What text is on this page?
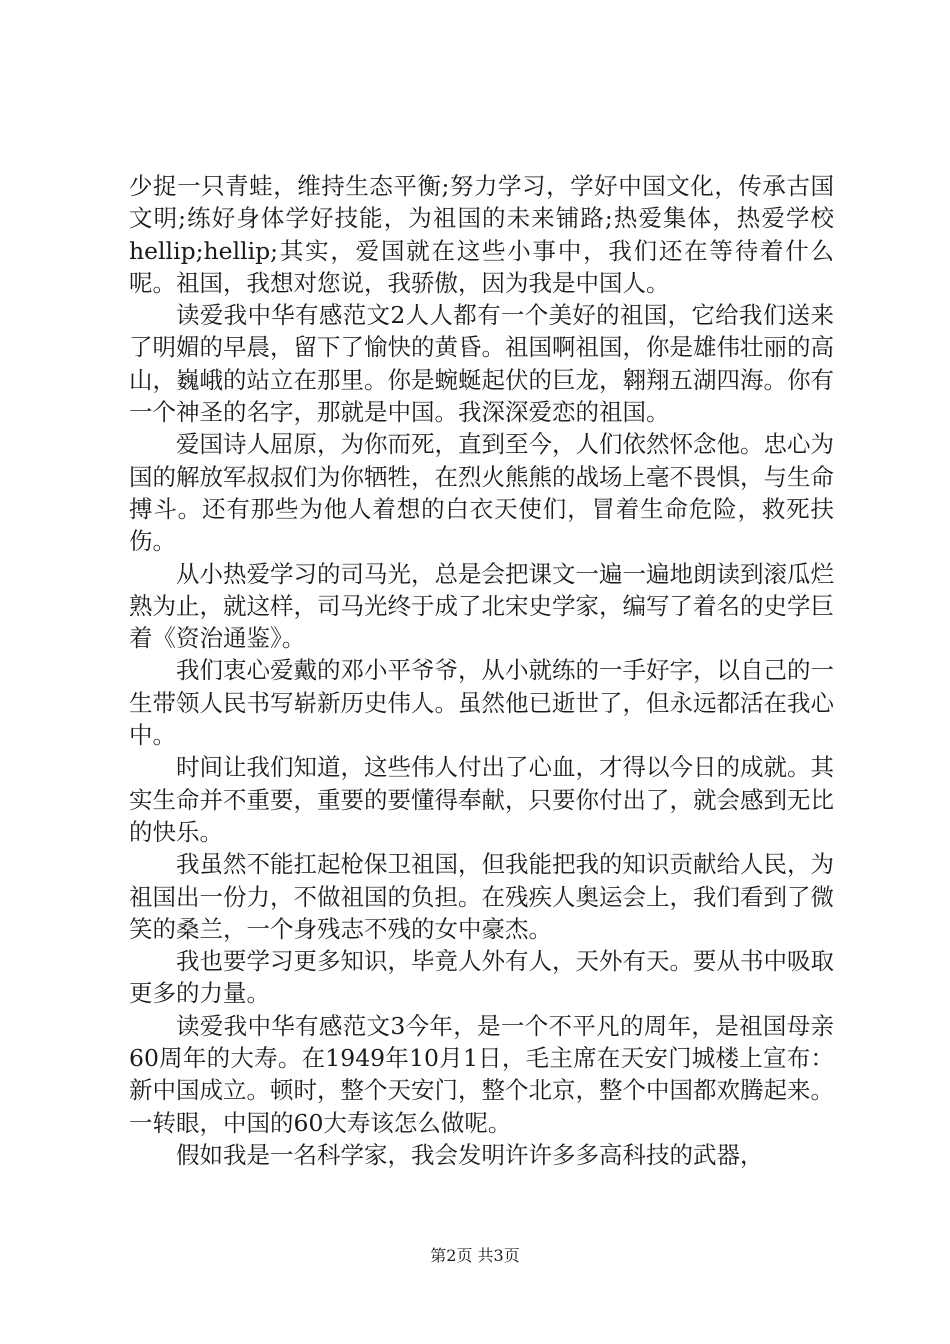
少捉一只青蛙，维持生态平衡;努力学习，学好中国文化，传承古国文明;练好身体学好技能，为祖国的未来铺路;热爱集体，热爱学校hellip;hellip;其实，爱国就在这些小事中，我们还在等待着什么呢。祖国，我想对您说，我骄傲，因为我是中国人。

读爱我中华有感范文2人人都有一个美好的祖国，它给我们送来了明媚的早晨，留下了愉快的黄昏。祖国啊祖国，你是雄伟壮丽的高山，巍峨的站立在那里。你是蜿蜒起伏的巨龙，翱翔五湖四海。你有一个神圣的名字，那就是中国。我深深爱恋的祖国。

爱国诗人屈原，为你而死，直到至今，人们依然怀念他。忠心为国的解放军叔叔们为你牺牲，在烈火熊熊的战场上毫不畏惧，与生命搏斗。还有那些为他人着想的白衣天使们，冒着生命危险，救死扶伤。

从小热爱学习的司马光，总是会把课文一遍一遍地朗读到滚瓜烂熟为止，就这样，司马光终于成了北宋史学家，编写了着名的史学巨着《资治通鉴》。

我们衷心爱戴的邓小平爷爷，从小就练的一手好字，以自己的一生带领人民书写崭新历史伟人。虽然他已逝世了，但永远都活在我心中。

时间让我们知道，这些伟人付出了心血，才得以今日的成就。其实生命并不重要，重要的要懂得奉献，只要你付出了，就会感到无比的快乐。

我虽然不能扛起枪保卫祖国，但我能把我的知识贡献给人民，为祖国出一份力，不做祖国的负担。在残疾人奥运会上，我们看到了微笑的桑兰，一个身残志不残的女中豪杰。

我也要学习更多知识，毕竟人外有人，天外有天。要从书中吸取更多的力量。

读爱我中华有感范文3今年，是一个不平凡的周年，是祖国母亲60周年的大寿。在1949年10月1日，毛主席在天安门城楼上宣布：新中国成立。顿时，整个天安门，整个北京，整个中国都欢腾起来。一转眼，中国的60大寿该怎么做呢。

假如我是一名科学家，我会发明许许多多高科技的武器，

第2页 共3页
